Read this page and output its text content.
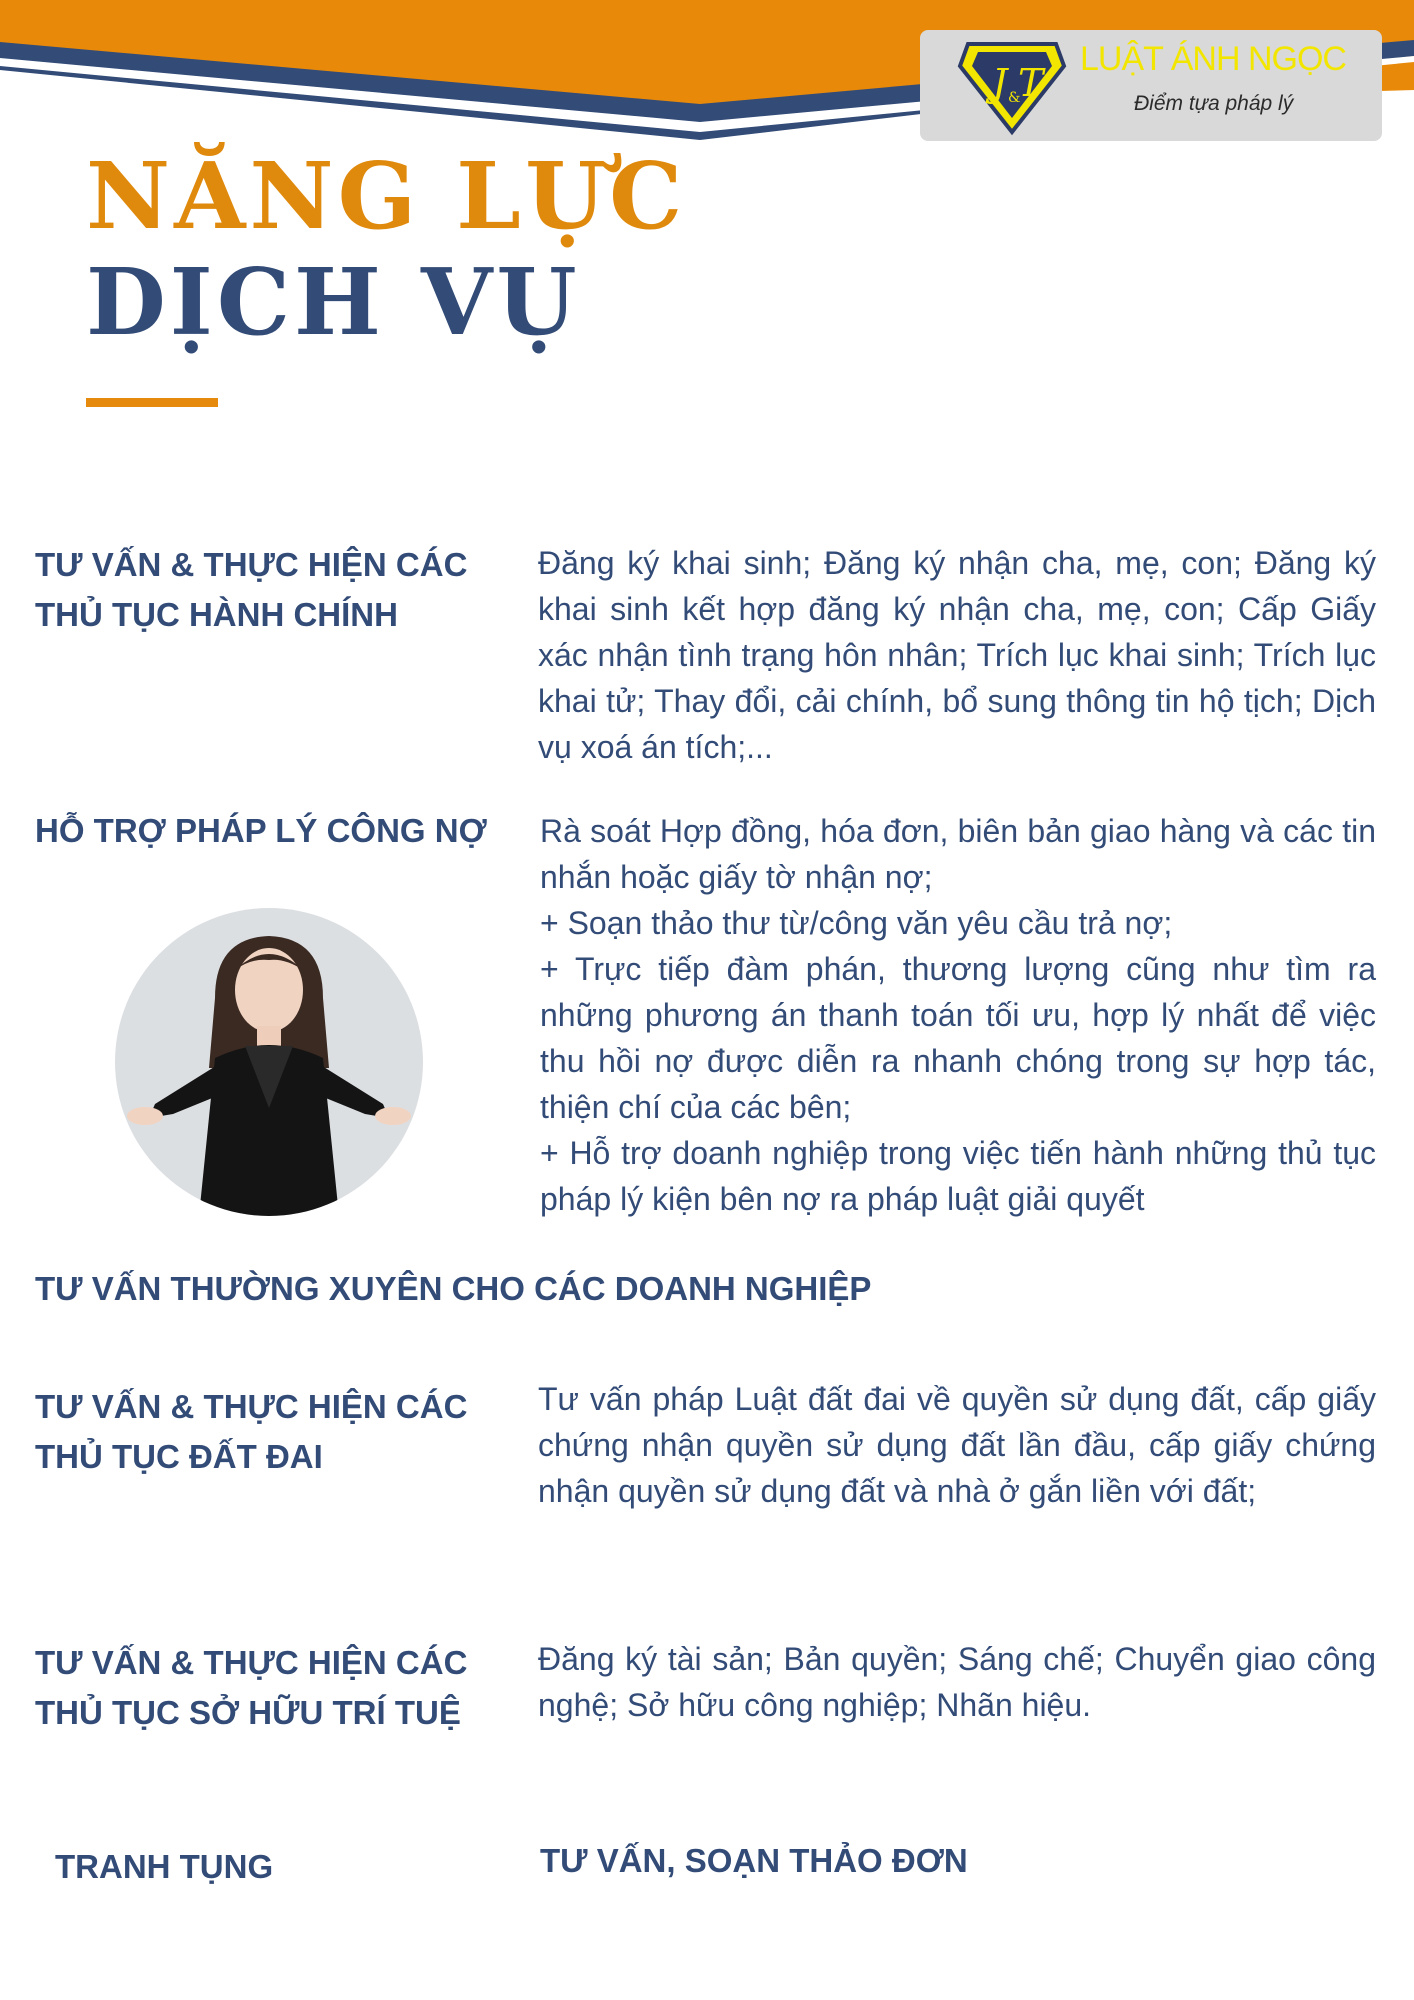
J &
T
LUẬT ÁNH NGỌC
Điểm tựa pháp lý
NĂNG LỰC
DỊCH VỤ
TƯ VẤN & THỰC HIỆN CÁC THỦ TỤC HÀNH CHÍNH
Đăng ký khai sinh; Đăng ký nhận cha, mẹ, con; Đăng ký khai sinh kết hợp đăng ký nhận cha, mẹ, con; Cấp Giấy xác nhận tình trạng hôn nhân; Trích lục khai sinh; Trích lục khai tử; Thay đổi, cải chính, bổ sung thông tin hộ tịch; Dịch vụ xoá án tích;...
HỖ TRỢ PHÁP LÝ CÔNG NỢ	Rà soát Hợp đồng, hóa đơn, biên bản giao hàng và các tin nhắn hoặc giấy tờ nhận nợ;
+ Soạn thảo thư từ/công văn yêu cầu trả nợ;
+ Trực tiếp đàm phán, thương lượng cũng như tìm ra những phương án thanh toán tối ưu, hợp lý nhất để việc thu hồi nợ được diễn ra nhanh chóng trong sự hợp tác, thiện chí của các bên;
+ Hỗ trợ doanh nghiệp trong việc tiến hành những thủ tục pháp lý kiện bên nợ ra pháp luật giải quyết
TƯ VẤN THƯỜNG XUYÊN CHO CÁC DOANH NGHIỆP
TƯ VẤN & THỰC HIỆN CÁC THỦ TỤC ĐẤT ĐAI
Tư vấn pháp Luật đất đai về quyền sử dụng đất, cấp giấy chứng nhận quyền sử dụng đất lần đầu, cấp giấy chứng nhận quyền sử dụng đất và nhà ở gắn liền với đất;
TƯ VẤN & THỰC HIỆN CÁC THỦ TỤC SỞ HỮU TRÍ TUỆ
Đăng ký tài sản; Bản quyền; Sáng chế; Chuyển giao công nghệ; Sở hữu công nghiệp; Nhãn hiệu.
TRANH TỤNG	TƯ VẤN, SOẠN THẢO ĐƠN
